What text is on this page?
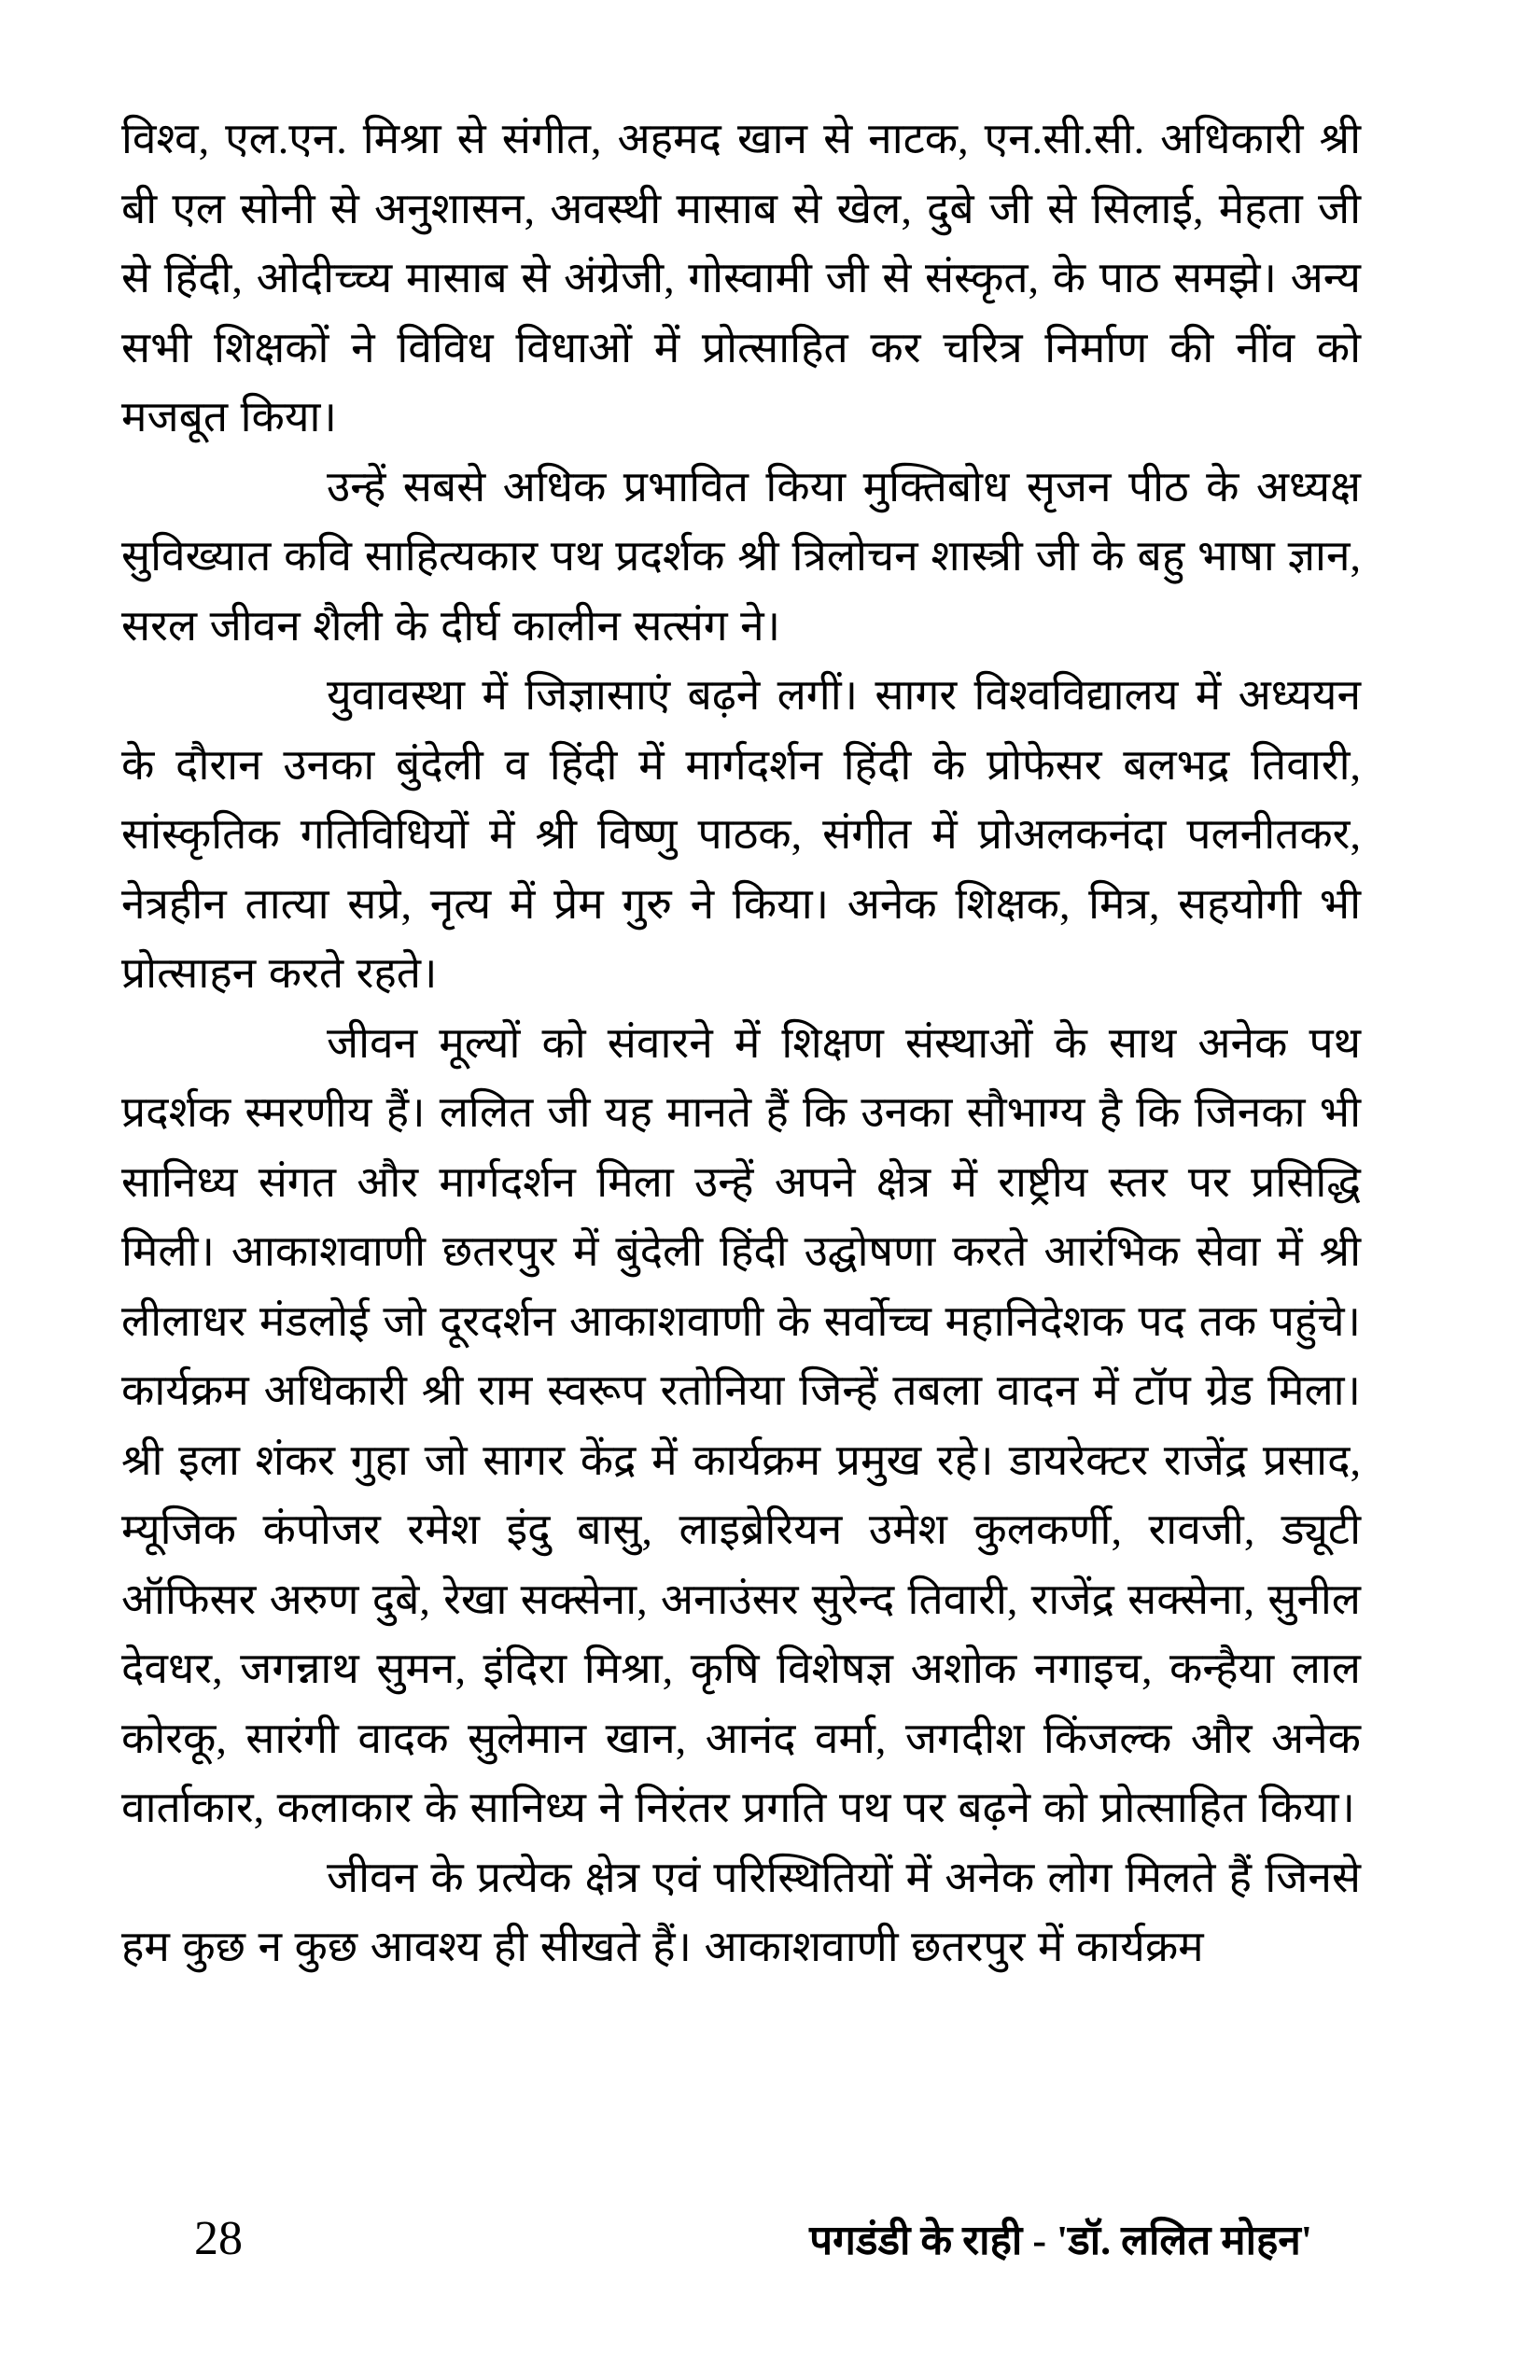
विश्व, एल.एन. मिश्रा से संगीत, अहमद खान से नाटक, एन.सी.सी. अधिकारी श्री बी एल सोनी से अनुशासन, अवस्थी मासाब से खेल, दुबे जी से सिलाई, मेहता जी से हिंदी, ओदीच्च्य मासाब से अंग्रेजी, गोस्वामी जी से संस्कृत, के पाठ समझे। अन्य सभी शिक्षकों ने विविध विधाओं में प्रोत्साहित कर चरित्र निर्माण की नींव को मजबूत किया।

उन्हें सबसे अधिक प्रभावित किया मुक्तिबोध सृजन पीठ के अध्यक्ष सुविख्यात कवि साहित्यकार पथ प्रदर्शक श्री त्रिलोचन शास्त्री जी के बहु भाषा ज्ञान, सरल जीवन शैली के दीर्घ कालीन सत्संग ने।

युवावस्था में जिज्ञासाएं बढ़ने लगीं। सागर विश्वविद्यालय में अध्ययन के दौरान उनका बुंदेली व हिंदी में मार्गदर्शन हिंदी के प्रोफेसर बलभद्र तिवारी, सांस्कृतिक गतिविधियों में श्री विष्णु पाठक, संगीत में प्रोअलकनंदा पलनीतकर, नेत्रहीन तात्या सप्रे, नृत्य में प्रेम गुरु ने किया। अनेक शिक्षक, मित्र, सहयोगी भी प्रोत्साहन करते रहते।

जीवन मूल्यों को संवारने में शिक्षण संस्थाओं के साथ अनेक पथ प्रदर्शक स्मरणीय हैं। ललित जी यह मानते हैं कि उनका सौभाग्य है कि जिनका भी सानिध्य संगत और मार्गदर्शन मिला उन्हें अपने क्षेत्र में राष्ट्रीय स्तर पर प्रसिद्धि मिली। आकाशवाणी छतरपुर में बुंदेली हिंदी उद्घोषणा करते आरंभिक सेवा में श्री लीलाधर मंडलोई जो दूरदर्शन आकाशवाणी के सर्वोच्च महानिदेशक पद तक पहुंचे। कार्यक्रम अधिकारी श्री राम स्वरूप रतोनिया जिन्हें तबला वादन में टॉप ग्रेड मिला। श्री इला शंकर गुहा जो सागर केंद्र में कार्यक्रम प्रमुख रहे। डायरेक्टर राजेंद्र प्रसाद, म्यूजिक कंपोजर रमेश इंदु बासु, लाइब्रेरियन उमेश कुलकर्णी, रावजी, ड्यूटी ऑफिसर अरुण दुबे, रेखा सक्सेना, अनाउंसर सुरेन्द तिवारी, राजेंद्र सक्सेना, सुनील देवधर, जगन्नाथ सुमन, इंदिरा मिश्रा, कृषि विशेषज्ञ अशोक नगाइच, कन्हैया लाल कोरकू, सारंगी वादक सुलेमान खान, आनंद वर्मा, जगदीश किंजल्क और अनेक वार्ताकार, कलाकार के सानिध्य ने निरंतर प्रगति पथ पर बढ़ने को प्रोत्साहित किया।

जीवन के प्रत्येक क्षेत्र एवं परिस्थितियों में अनेक लोग मिलते हैं जिनसे हम कुछ न कुछ आवश्य ही सीखते हैं। आकाशवाणी छतरपुर में कार्यक्रम

28	पगडंडी के राही - 'डॉ. ललित मोहन'
